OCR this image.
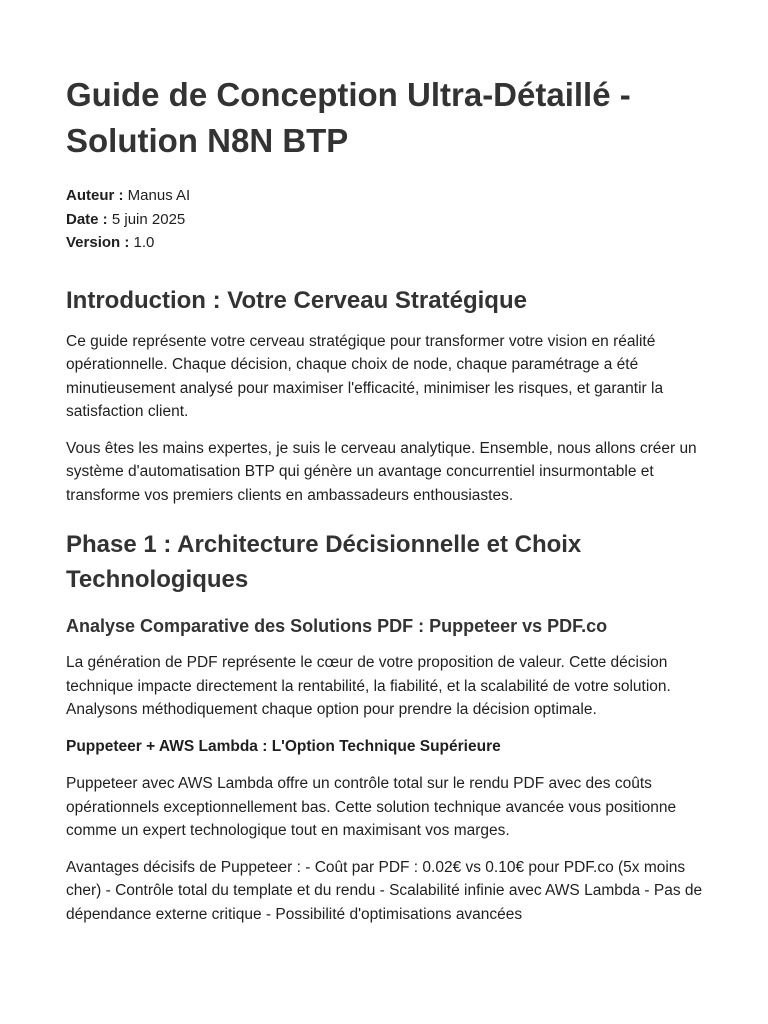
Guide de Conception Ultra-Détaillé - Solution N8N BTP
Auteur : Manus AI
Date : 5 juin 2025
Version : 1.0
Introduction : Votre Cerveau Stratégique

Ce guide représente votre cerveau stratégique pour transformer votre vision en réalité opérationnelle. Chaque décision, chaque choix de node, chaque paramétrage a été minutieusement analysé pour maximiser l'efficacité, minimiser les risques, et garantir la satisfaction client.

Vous êtes les mains expertes, je suis le cerveau analytique. Ensemble, nous allons créer un système d'automatisation BTP qui génère un avantage concurrentiel insurmontable et transforme vos premiers clients en ambassadeurs enthousiastes.

Phase 1 : Architecture Décisionnelle et Choix Technologiques
Analyse Comparative des Solutions PDF : Puppeteer vs PDF.co

La génération de PDF représente le cœur de votre proposition de valeur. Cette décision technique impacte directement la rentabilité, la fiabilité, et la scalabilité de votre solution. Analysons méthodiquement chaque option pour prendre la décision optimale.

Puppeteer + AWS Lambda : L'Option Technique Supérieure

Puppeteer avec AWS Lambda offre un contrôle total sur le rendu PDF avec des coûts opérationnels exceptionnellement bas. Cette solution technique avancée vous positionne comme un expert technologique tout en maximisant vos marges.

Avantages décisifs de Puppeteer : - Coût par PDF : 0.02€ vs 0.10€ pour PDF.co (5x moins cher) - Contrôle total du template et du rendu - Scalabilité infinie avec AWS Lambda - Pas de dépendance externe critique - Possibilité d'optimisations avancées
